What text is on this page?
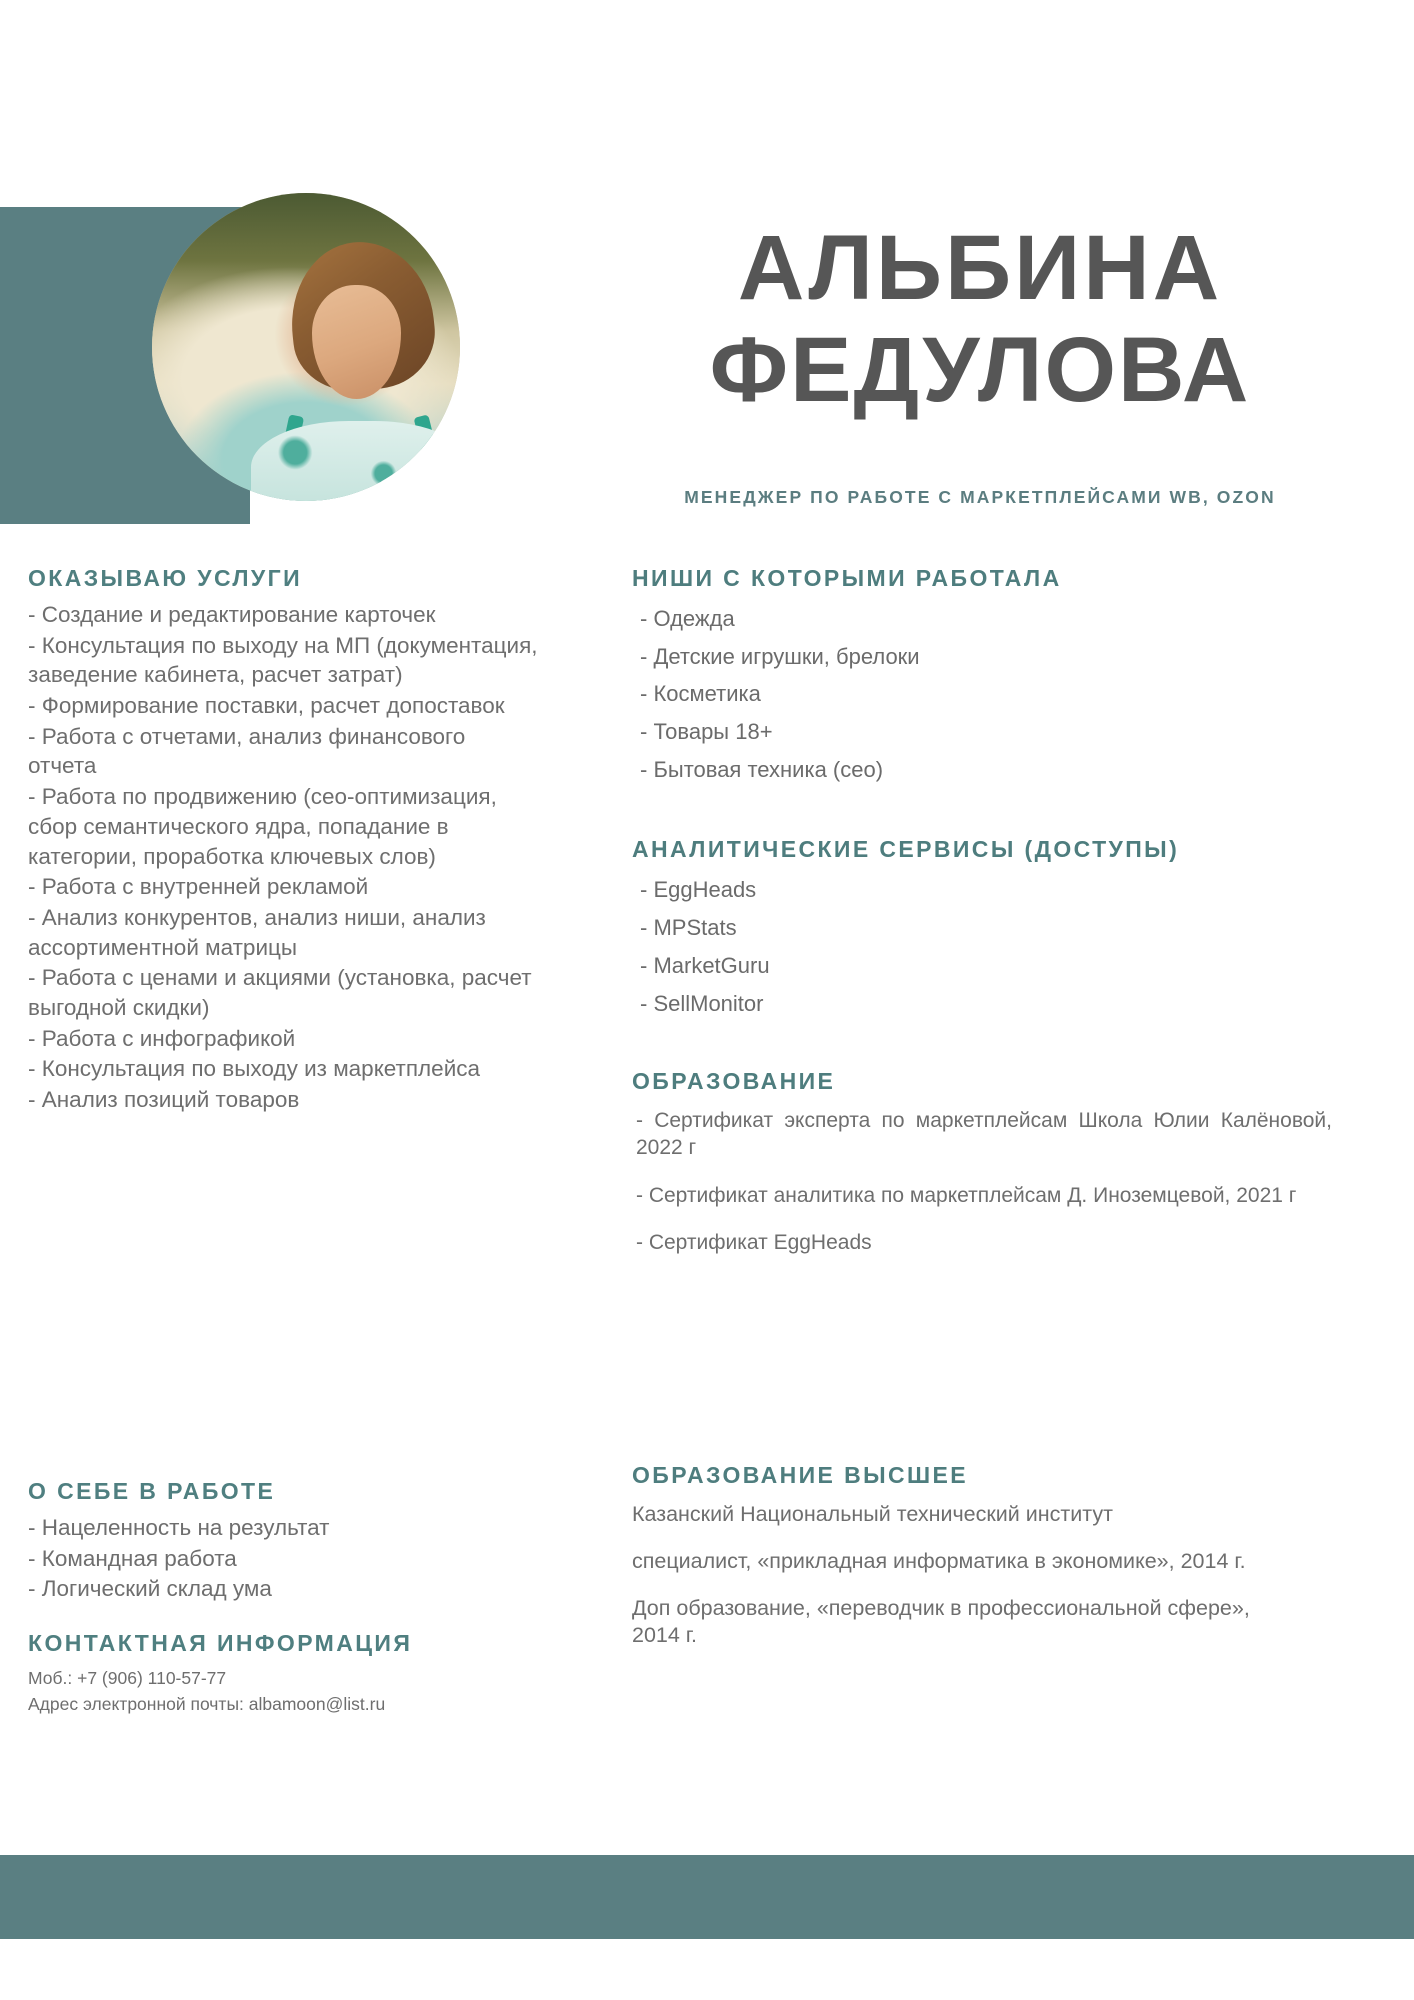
АЛЬБИНА
ФЕДУЛОВА
МЕНЕДЖЕР ПО РАБОТЕ С МАРКЕТПЛЕЙСАМИ WB, OZON
ОКАЗЫВАЮ УСЛУГИ
- Создание и редактирование карточек
- Консультация по выходу на МП (документация, заведение кабинета, расчет затрат)
- Формирование поставки, расчет допоставок
- Работа с отчетами, анализ финансового отчета
- Работа по продвижению (сео-оптимизация, сбор семантического ядра, попадание в категории, проработка ключевых слов)
- Работа с внутренней рекламой
- Анализ конкурентов, анализ ниши, анализ ассортиментной матрицы
- Работа с ценами и акциями (установка, расчет выгодной скидки)
- Работа с инфографикой
- Консультация по выходу из маркетплейса
- Анализ позиций товаров
НИШИ С КОТОРЫМИ РАБОТАЛА
- Одежда
- Детские игрушки, брелоки
- Косметика
- Товары 18+
- Бытовая техника (сео)
АНАЛИТИЧЕСКИЕ СЕРВИСЫ (ДОСТУПЫ)
- EggHeads
- MPStats
- MarketGuru
- SellMonitor
ОБРАЗОВАНИЕ
- Сертификат эксперта по маркетплейсам Школа Юлии Калёновой, 2022 г
- Сертификат аналитика по маркетплейсам Д. Иноземцевой, 2021 г
- Сертификат EggHeads
О СЕБЕ В РАБОТЕ
- Нацеленность на результат
- Командная работа
- Логический склад ума
КОНТАКТНАЯ ИНФОРМАЦИЯ
Моб.: +7 (906) 110-57-77
Адрес электронной почты: albamoon@list.ru
ОБРАЗОВАНИЕ ВЫСШЕЕ
Казанский Национальный технический институт
специалист, «прикладная информатика в экономике», 2014 г.
Доп образование, «переводчик в профессиональной сфере», 2014 г.
